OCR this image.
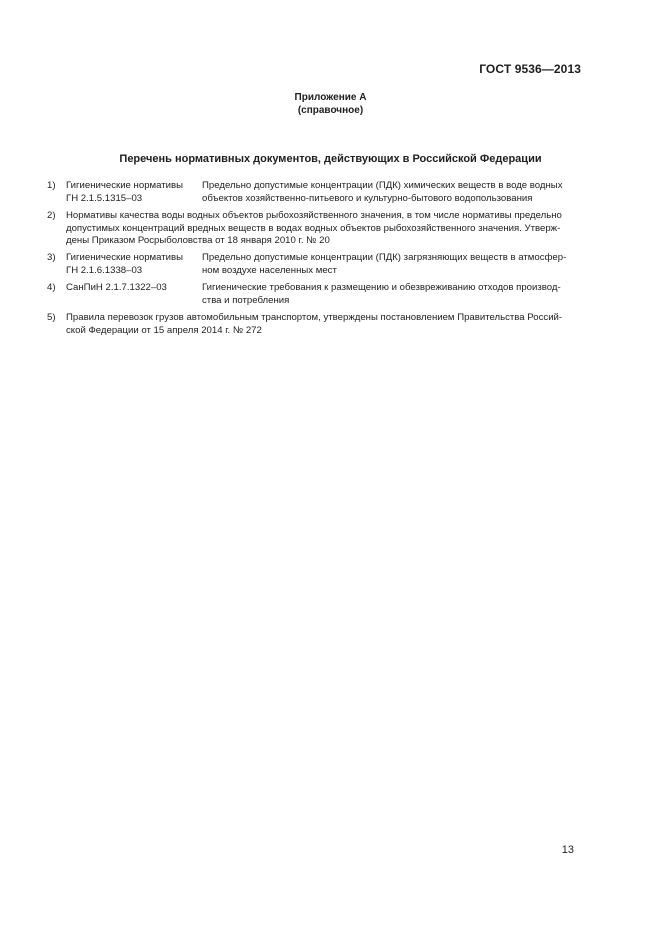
ГОСТ 9536—2013
Приложение А
(справочное)
Перечень нормативных документов, действующих в Российской Федерации
1) Гигиенические нормативы
ГН 2.1.5.1315–03
Предельно допустимые концентрации (ПДК) химических веществ в воде водных
объектов хозяйственно-питьевого и культурно-бытового водопользования
2) Нормативы качества воды водных объектов рыбохозяйственного значения, в том числе нормативы предельно
допустимых концентраций вредных веществ в водах водных объектов рыбохозяйственного значения. Утверж-
дены Приказом Росрыболовства от 18 января 2010 г. № 20
3) Гигиенические нормативы
ГН 2.1.6.1338–03
Предельно допустимые концентрации (ПДК) загрязняющих веществ в атмосфер-
ном воздухе населенных мест
4) СанПиН 2.1.7.1322–03	Гигиенические требования к размещению и обезвреживанию отходов производ-
ства и потребления
5) Правила перевозок грузов автомобильным транспортом, утверждены постановлением Правительства Россий-
ской Федерации от 15 апреля 2014 г. № 272
13
